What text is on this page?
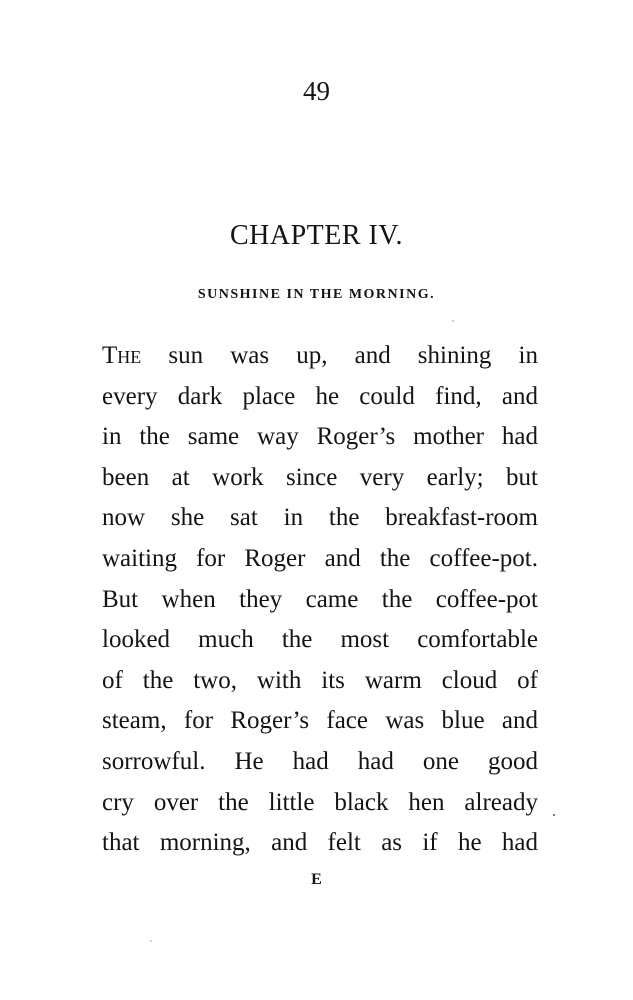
49
CHAPTER IV.
SUNSHINE IN THE MORNING.
The sun was up, and shining in
every dark place he could find, and
in the same way Roger’s mother had
been at work since very early; but
now she sat in the breakfast-room
waiting for Roger and the coffee-pot.
But when they came the coffee-pot
looked much the most comfortable
of the two, with its warm cloud of
steam, for Roger’s face was blue and
sorrowful. He had had one good
cry over the little black hen already
that morning, and felt as if he had
E
